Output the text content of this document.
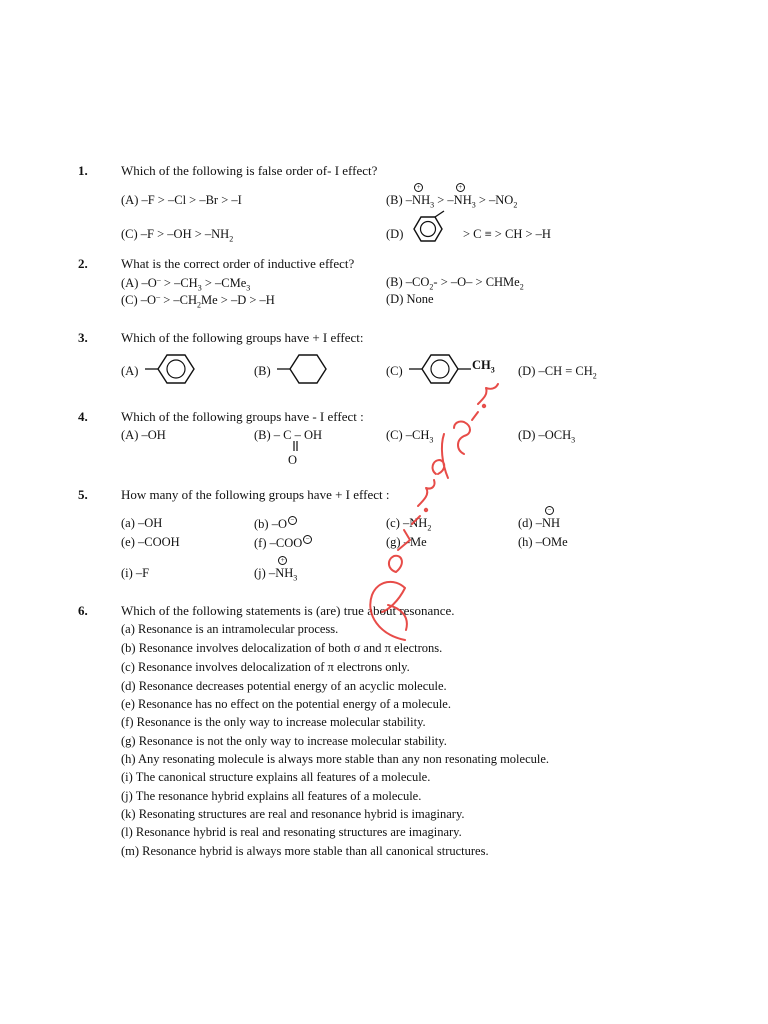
1.	Which of the following is false order of- I effect?
(A) –F > –Cl > –Br > –I	(B) –
+
$NH_3$ > –
+
$NH_3 > -NO_2$
(C) $-F > -OH > -NH_2$	(D)	> C ≡ > CH > –H
2.	What is the correct order of inductive effect?
(A) $-O^- > -CH_3 > -CMe_3$	(B) $-CO_2- > -O-$ > CHMe$_2$
(C) $-O^- > -CH_2Me > -D > -H$	(D) None
3.	Which of the following groups have + I effect:
(A)	(B)	(C)	$CH_3$ (D) $-CH = CH_2$
4.	Which of the following groups have - I effect :
(A) –OH	(B) – C – OH
O
(C) $-CH_3$	(D) $-OCH_3$
5.	How many of the following groups have + I effect :
(a) –OH	(b) –O −	(c) $-NH_2$	(d) –
−
NH
(e) –COOH	(f) –COO −	(g) –Me	(h) –OMe
(i) –F	(j) –
+
$NH_3$
6.	Which of the following statements is (are) true about resonance.
(a) Resonance is an intramolecular process.
(b) Resonance involves delocalization of both σ and π electrons.
(c) Resonance involves delocalization of π electrons only.
(d) Resonance decreases potential energy of an acyclic molecule.
(e) Resonance has no effect on the potential energy of a molecule.
(f) Resonance is the only way to increase molecular stability.
(g) Resonance is not the only way to increase molecular stability.
(h) Any resonating molecule is always more stable than any non resonating molecule.
(i) The canonical structure explains all features of a molecule.
(j) The resonance hybrid explains all features of a molecule.
(k) Resonating structures are real and resonance hybrid is imaginary.
(l) Resonance hybrid is real and resonating structures are imaginary.
(m) Resonance hybrid is always more stable than all canonical structures.
